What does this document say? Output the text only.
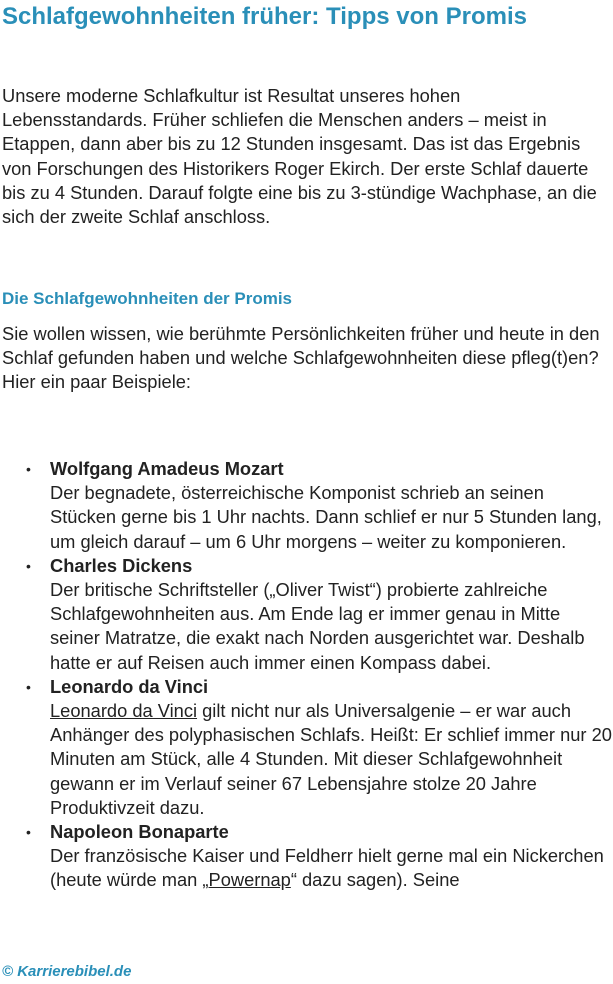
Schlafgewohnheiten früher: Tipps von Promis

Unsere moderne Schlafkultur ist Resultat unseres hohen Lebensstandards. Früher schliefen die Menschen anders – meist in Etappen, dann aber bis zu 12 Stunden insgesamt. Das ist das Ergebnis von Forschungen des Historikers Roger Ekirch. Der erste Schlaf dauerte bis zu 4 Stunden. Darauf folgte eine bis zu 3-stündige Wachphase, an die sich der zweite Schlaf anschloss.

Die Schlafgewohnheiten der Promis

Sie wollen wissen, wie berühmte Persönlichkeiten früher und heute in den Schlaf gefunden haben und welche Schlafgewohnheiten diese pfleg(t)en? Hier ein paar Beispiele:

• Wolfgang Amadeus Mozart
Der begnadete, österreichische Komponist schrieb an seinen Stücken gerne bis 1 Uhr nachts. Dann schlief er nur 5 Stunden lang, um gleich darauf – um 6 Uhr morgens – weiter zu komponieren.
• Charles Dickens
Der britische Schriftsteller („Oliver Twist“) probierte zahlreiche Schlafgewohnheiten aus. Am Ende lag er immer genau in Mitte seiner Matratze, die exakt nach Norden ausgerichtet war. Deshalb hatte er auf Reisen auch immer einen Kompass dabei.
• Leonardo da Vinci
Leonardo da Vinci gilt nicht nur als Universalgenie – er war auch Anhänger des polyphasischen Schlafs. Heißt: Er schlief immer nur 20 Minuten am Stück, alle 4 Stunden. Mit dieser Schlafgewohnheit gewann er im Verlauf seiner 67 Lebensjahre stolze 20 Jahre Produktivzeit dazu.
• Napoleon Bonaparte
Der französische Kaiser und Feldherr hielt gerne mal ein Nickerchen (heute würde man „Powernap“ dazu sagen). Seine
© Karrierebibel.de
